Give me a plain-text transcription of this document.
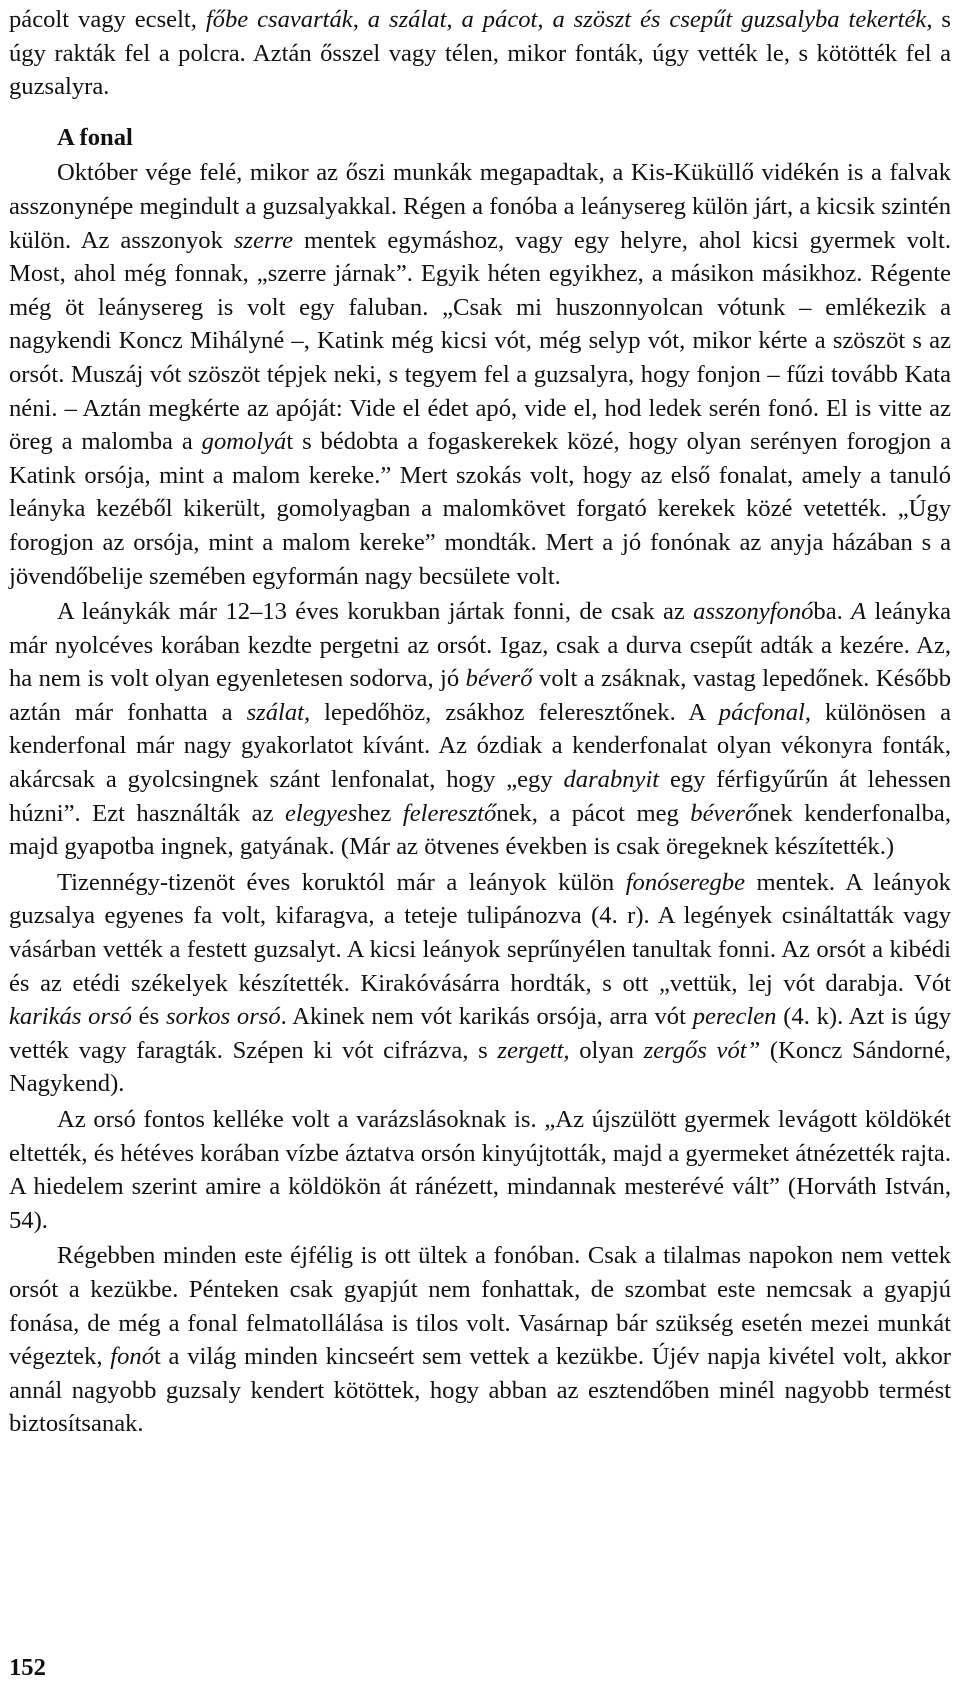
pácolt vagy ecselt, főbe csavarták, a szálat, a pácot, a szöszt és csepűt guzsalyba tekerték, s úgy rakták fel a polcra. Aztán ősszel vagy télen, mikor fonták, úgy vették le, s kötötték fel a guzsalyra.

A fonal

Október vége felé, mikor az őszi munkák megapadtak, a Kis-Küküllő vidékén is a falvak asszonynépe megindult a guzsalyakkal. Régen a fonóba a leánysereg külön járt, a kicsik szintén külön. Az asszonyok szerre mentek egymáshoz, vagy egy helyre, ahol kicsi gyermek volt. Most, ahol még fonnak, „szerre járnak”. Egyik héten egyikhez, a másikon másikhoz. Régente még öt leánysereg is volt egy faluban. „Csak mi huszonnyolcan vótunk – emlékezik a nagykendi Koncz Mihályné –, Katink még kicsi vót, még selyp vót, mikor kérte a szöszöt s az orsót. Muszáj vót szöszöt tépjek neki, s tegyem fel a guzsalyra, hogy fonjon – fűzi tovább Kata néni. – Aztán megkérte az apóját: Vide el édet apó, vide el, hod ledek serén fonó. El is vitte az öreg a malomba a gomolyát s bédobta a fogaskerekek közé, hogy olyan serényen forogjon a Katink orsója, mint a malom kereke.” Mert szokás volt, hogy az első fonalat, amely a tanuló leányka kezéből kikerült, gomolyagban a malomkövet forgató kerekek közé vetették. „Úgy forogjon az orsója, mint a malom kereke” mondták. Mert a jó fonónak az anyja házában s a jövendőbelije szemében egyformán nagy becsülete volt.

A leánykák már 12–13 éves korukban jártak fonni, de csak az asszonyfonóba. A leányka már nyolcéves korában kezdte pergetni az orsót. Igaz, csak a durva csepűt adták a kezére. Az, ha nem is volt olyan egyenletesen sodorva, jó béverő volt a zsáknak, vastag lepedőnek. Később aztán már fonhatta a szálat, lepedőhöz, zsákhoz feleresztőnek. A pácfonal, különösen a kenderfonal már nagy gyakorlatot kívánt. Az ózdiak a kenderfonalat olyan vékonyra fonták, akárcsak a gyolcsingnek szánt lenfonalat, hogy „egy darabnyit egy férfigyűrűn át lehessen húzni”. Ezt használták az elegyeshez feleresztőnek, a pácot meg béverőnek kenderfonalba, majd gyapotba ingnek, gatyának. (Már az ötvenes években is csak öregeknek készítették.)

Tizennégy-tizenöt éves koruktól már a leányok külön fonóseregbe mentek. A leányok guzsalya egyenes fa volt, kifaragva, a teteje tulipánozva (4. r). A legények csináltatták vagy vásárban vették a festett guzsalyt. A kicsi leányok seprűnyélen tanultak fonni. Az orsót a kibédi és az etédi székelyek készítették. Kirakóvásárra hordták, s ott „vettük, lej vót darabja. Vót karikás orsó és sorkos orsó. Akinek nem vót karikás orsója, arra vót pereclen (4. k). Azt is úgy vették vagy faragták. Szépen ki vót cifrázva, s zergett, olyan zergős vót” (Koncz Sándorné, Nagykend).

Az orsó fontos kelléke volt a varázslásoknak is. „Az újszülött gyermek levágott köldökét eltették, és hétéves korában vízbe áztatva orsón kinyújtották, majd a gyermeket átnézették rajta. A hiedelem szerint amire a köldökön át ránézett, mindannak mesterévé vált” (Horváth István, 54).

Régebben minden este éjfélig is ott ültek a fonóban. Csak a tilalmas napokon nem vettek orsót a kezükbe. Pénteken csak gyapjút nem fonhattak, de szombat este nemcsak a gyapjú fonása, de még a fonal felmatollálása is tilos volt. Vasárnap bár szükség esetén mezei munkát végeztek, fonót a világ minden kincseért sem vettek a kezükbe. Újév napja kivétel volt, akkor annál nagyobb guzsaly kendert kötöttek, hogy abban az esztendőben minél nagyobb termést biztosítsanak.

152
